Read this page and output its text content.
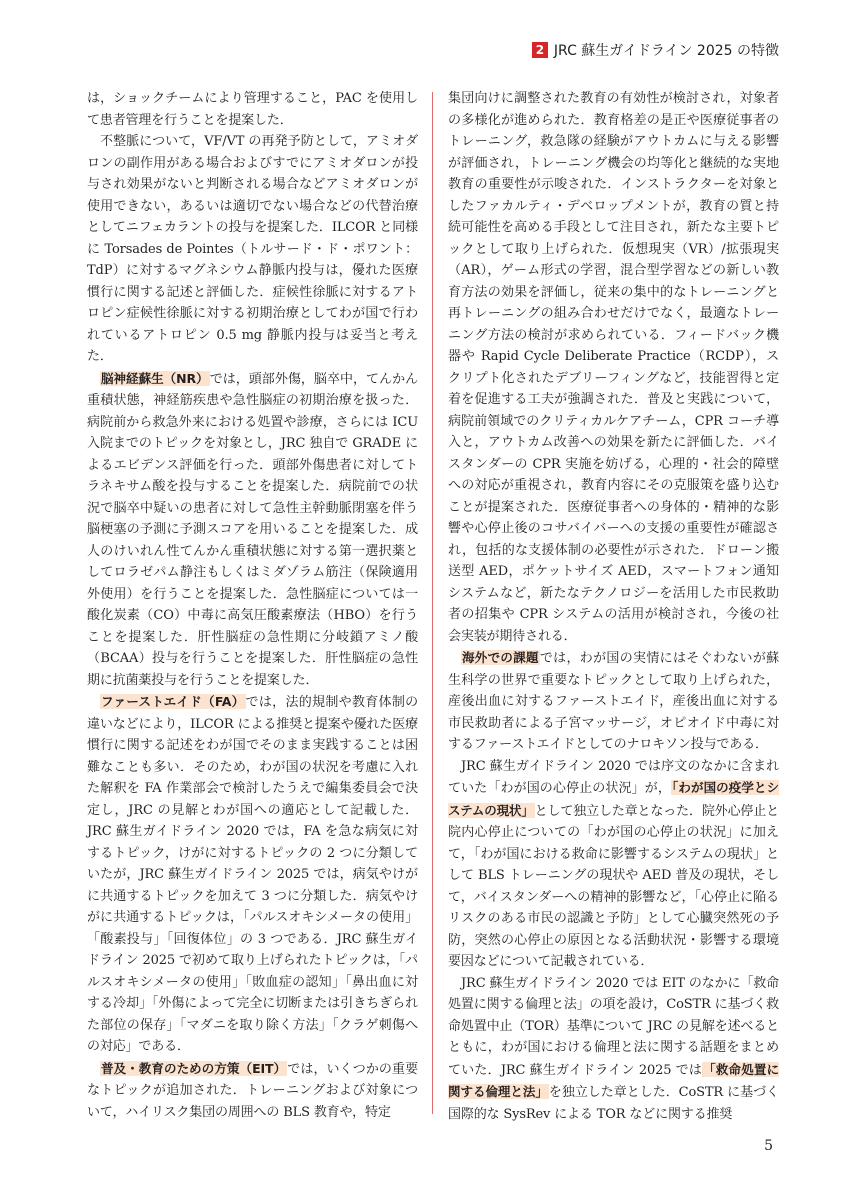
2 JRC 蘇生ガイドライン 2025 の特徴

は，ショックチームにより管理すること，PAC を使用して患者管理を行うことを提案した．

不整脈について，VF/VT の再発予防として，アミオダロンの副作用がある場合およびすでにアミオダロンが投与され効果がないと判断される場合などアミオダロンが使用できない，あるいは適切でない場合などの代替治療としてニフェカラントの投与を提案した．ILCOR と同様に Torsades de Pointes（トルサード・ド・ポワント：TdP）に対するマグネシウム静脈内投与は，優れた医療慣行に関する記述と評価した．症候性徐脈に対するアトロピン症候性徐脈に対する初期治療としてわが国で行われているアトロピン 0.5 mg 静脈内投与は妥当と考えた．

脳神経蘇生（NR）では，頭部外傷，脳卒中，てんかん重積状態，神経筋疾患や急性脳症の初期治療を扱った．病院前から救急外来における処置や診療，さらには ICU 入院までのトピックを対象とし，JRC 独自で GRADE によるエビデンス評価を行った．頭部外傷患者に対してトラネキサム酸を投与することを提案した．病院前での状況で脳卒中疑いの患者に対して急性主幹動脈閉塞を伴う脳梗塞の予測に予測スコアを用いることを提案した．成人のけいれん性てんかん重積状態に対する第一選択薬としてロラゼパム静注もしくはミダゾラム筋注（保険適用外使用）を行うことを提案した．急性脳症については一酸化炭素（CO）中毒に高気圧酸素療法（HBO）を行うことを提案した．肝性脳症の急性期に分岐鎖アミノ酸（BCAA）投与を行うことを提案した．肝性脳症の急性期に抗菌薬投与を行うことを提案した．

ファーストエイド（FA）では，法的規制や教育体制の違いなどにより，ILCOR による推奨と提案や優れた医療慣行に関する記述をわが国でそのまま実践することは困難なことも多い．そのため，わが国の状況を考慮に入れた解釈を FA 作業部会で検討したうえで編集委員会で決定し，JRC の見解とわが国への適応として記載した．JRC 蘇生ガイドライン 2020 では，FA を急な病気に対するトピック，けがに対するトピックの 2 つに分類していたが，JRC 蘇生ガイドライン 2025 では，病気やけがに共通するトピックを加えて 3 つに分類した．病気やけがに共通するトピックは，「パルスオキシメータの使用」「酸素投与」「回復体位」の 3 つである．JRC 蘇生ガイドライン 2025 で初めて取り上げられたトピックは，「パルスオキシメータの使用」「敗血症の認知」「鼻出血に対する冷却」「外傷によって完全に切断または引きちぎられた部位の保存」「マダニを取り除く方法」「クラゲ刺傷への対応」である．

普及・教育のための方策（EIT）では，いくつかの重要なトピックが追加された．トレーニングおよび対象について，ハイリスク集団の周囲への BLS 教育や，特定

集団向けに調整された教育の有効性が検討され，対象者の多様化が進められた．教育格差の是正や医療従事者のトレーニング，救急隊の経験がアウトカムに与える影響が評価され，トレーニング機会の均等化と継続的な実地教育の重要性が示唆された．インストラクターを対象としたファカルティ・デベロップメントが，教育の質と持続可能性を高める手段として注目され，新たな主要トピックとして取り上げられた．仮想現実（VR）/拡張現実（AR），ゲーム形式の学習，混合型学習などの新しい教育方法の効果を評価し，従来の集中的なトレーニングと再トレーニングの組み合わせだけでなく，最適なトレーニング方法の検討が求められている．フィードバック機器や Rapid Cycle Deliberate Practice（RCDP），スクリプト化されたデブリーフィングなど，技能習得と定着を促進する工夫が強調された．普及と実践について，病院前領域でのクリティカルケアチーム，CPR コーチ導入と，アウトカム改善への効果を新たに評価した．バイスタンダーの CPR 実施を妨げる，心理的・社会的障壁への対応が重視され，教育内容にその克服策を盛り込むことが提案された．医療従事者への身体的・精神的な影響や心停止後のコサバイバーへの支援の重要性が確認され，包括的な支援体制の必要性が示された．ドローン搬送型 AED，ポケットサイズ AED，スマートフォン通知システムなど，新たなテクノロジーを活用した市民救助者の招集や CPR システムの活用が検討され，今後の社会実装が期待される．

海外での課題では，わが国の実情にはそぐわないが蘇生科学の世界で重要なトピックとして取り上げられた，産後出血に対するファーストエイド，産後出血に対する市民救助者による子宮マッサージ，オピオイド中毒に対するファーストエイドとしてのナロキソン投与である．

JRC 蘇生ガイドライン 2020 では序文のなかに含まれていた「わが国の心停止の状況」が，「わが国の疫学とシステムの現状」として独立した章となった．院外心停止と院内心停止についての「わが国の心停止の状況」に加えて，「わが国における救命に影響するシステムの現状」として BLS トレーニングの現状や AED 普及の現状，そして，バイスタンダーへの精神的影響など，「心停止に陥るリスクのある市民の認識と予防」として心臓突然死の予防，突然の心停止の原因となる活動状況・影響する環境要因などについて記載されている．

JRC 蘇生ガイドライン 2020 では EIT のなかに「救命処置に関する倫理と法」の項を設け，CoSTR に基づく救命処置中止（TOR）基準について JRC の見解を述べるとともに，わが国における倫理と法に関する話題をまとめていた．JRC 蘇生ガイドライン 2025 では「救命処置に関する倫理と法」を独立した章とした．CoSTR に基づく国際的な SysRev による TOR などに関する推奨

5
